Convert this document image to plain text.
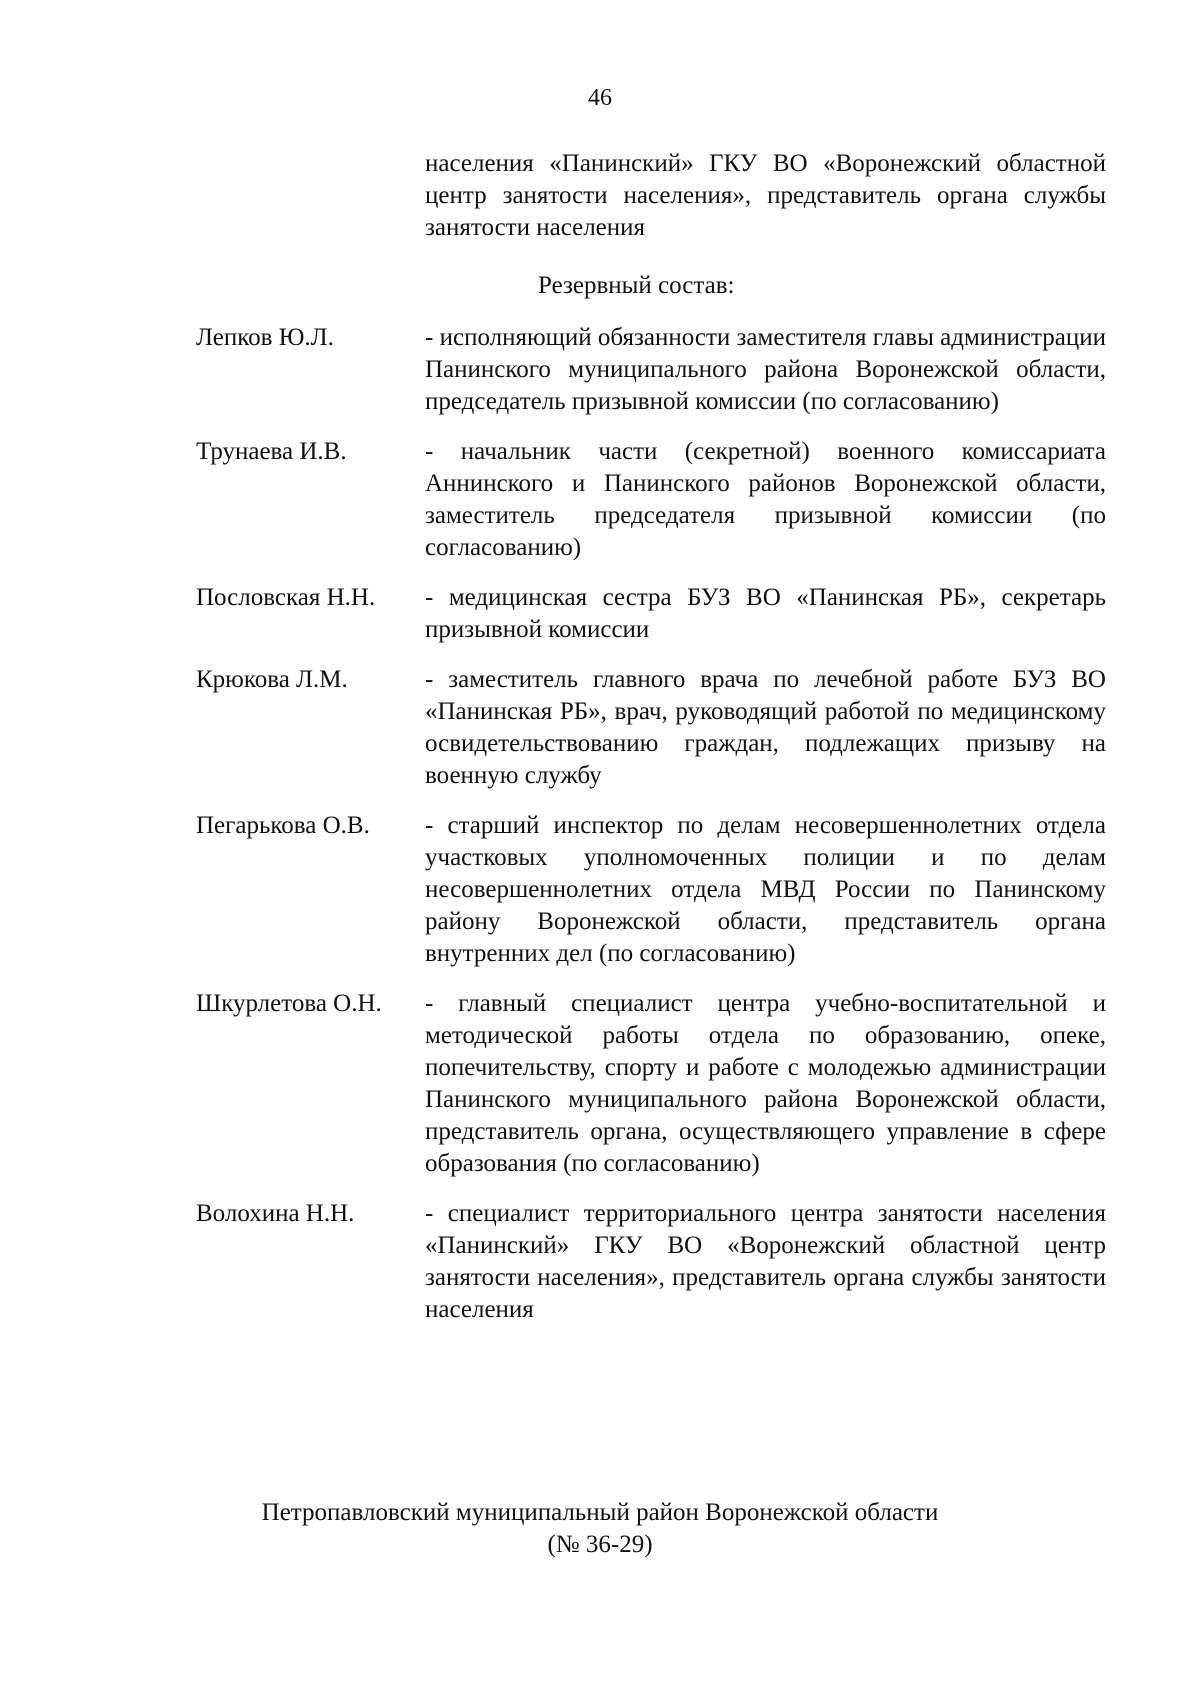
46
населения «Панинский» ГКУ ВО «Воронежский областной центр занятости населения», представитель органа службы занятости населения
Резервный состав:
Лепков Ю.Л.	- исполняющий обязанности заместителя главы администрации Панинского муниципального района Воронежской области, председатель призывной комиссии (по согласованию)
Трунаева И.В.	- начальник части (секретной) военного комиссариата Аннинского и Панинского районов Воронежской области, заместитель председателя призывной комиссии (по согласованию)
Пословская Н.Н.	- медицинская сестра БУЗ ВО «Панинская РБ», секретарь призывной комиссии
Крюкова Л.М.	- заместитель главного врача по лечебной работе БУЗ ВО «Панинская РБ», врач, руководящий работой по медицинскому освидетельствованию граждан, подлежащих призыву на военную службу
Пегарькова О.В.	- старший инспектор по делам несовершеннолетних отдела участковых уполномоченных полиции и по делам несовершеннолетних отдела МВД России по Панинскому району Воронежской области, представитель органа внутренних дел (по согласованию)
Шкурлетова О.Н.	- главный специалист центра учебно-воспитательной и методической работы отдела по образованию, опеке, попечительству, спорту и работе с молодежью администрации Панинского муниципального района Воронежской области, представитель органа, осуществляющего управление в сфере образования (по согласованию)
Волохина Н.Н.	- специалист территориального центра занятости населения «Панинский» ГКУ ВО «Воронежский областной центр занятости населения», представитель органа службы занятости населения
Петропавловский муниципальный район Воронежской области
(№ 36-29)
